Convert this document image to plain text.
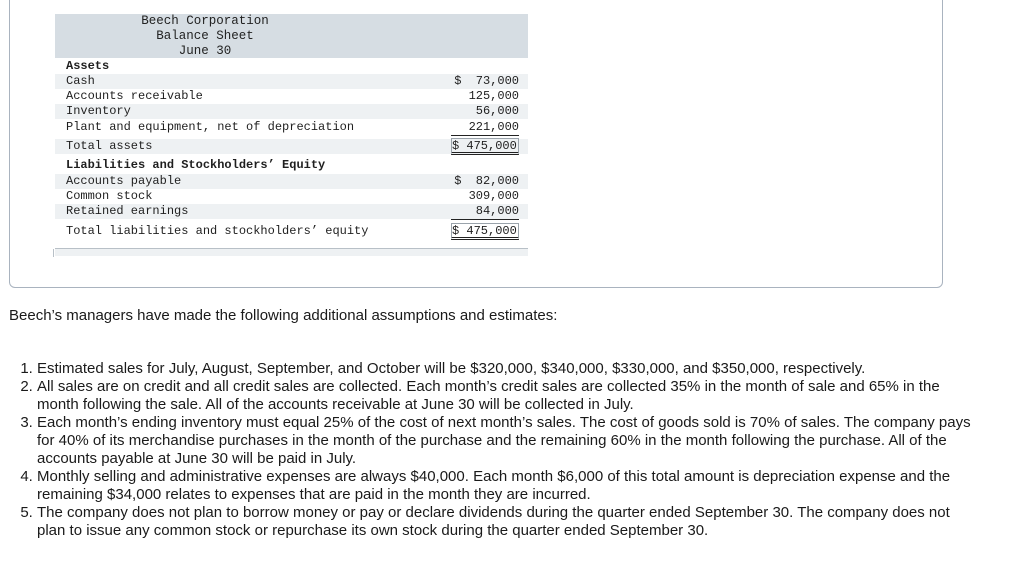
Beech Corporation
Balance Sheet
June 30
Assets
Cash	$  73,000
Accounts receivable	125,000
Inventory	56,000
Plant and equipment, net of depreciation	221,000
Total assets	$ 475,000
Liabilities and Stockholders’ Equity
Accounts payable	$  82,000
Common stock	309,000
Retained earnings	84,000
Total liabilities and stockholders’ equity	$ 475,000
Beech’s managers have made the following additional assumptions and estimates:
1. Estimated sales for July, August, September, and October will be $320,000, $340,000, $330,000, and $350,000, respectively.
2. All sales are on credit and all credit sales are collected. Each month’s credit sales are collected 35% in the month of sale and 65% in the month following the sale. All of the accounts receivable at June 30 will be collected in July.
3. Each month’s ending inventory must equal 25% of the cost of next month’s sales. The cost of goods sold is 70% of sales. The company pays for 40% of its merchandise purchases in the month of the purchase and the remaining 60% in the month following the purchase. All of the accounts payable at June 30 will be paid in July.
4. Monthly selling and administrative expenses are always $40,000. Each month $6,000 of this total amount is depreciation expense and the remaining $34,000 relates to expenses that are paid in the month they are incurred.
5. The company does not plan to borrow money or pay or declare dividends during the quarter ended September 30. The company does not plan to issue any common stock or repurchase its own stock during the quarter ended September 30.
